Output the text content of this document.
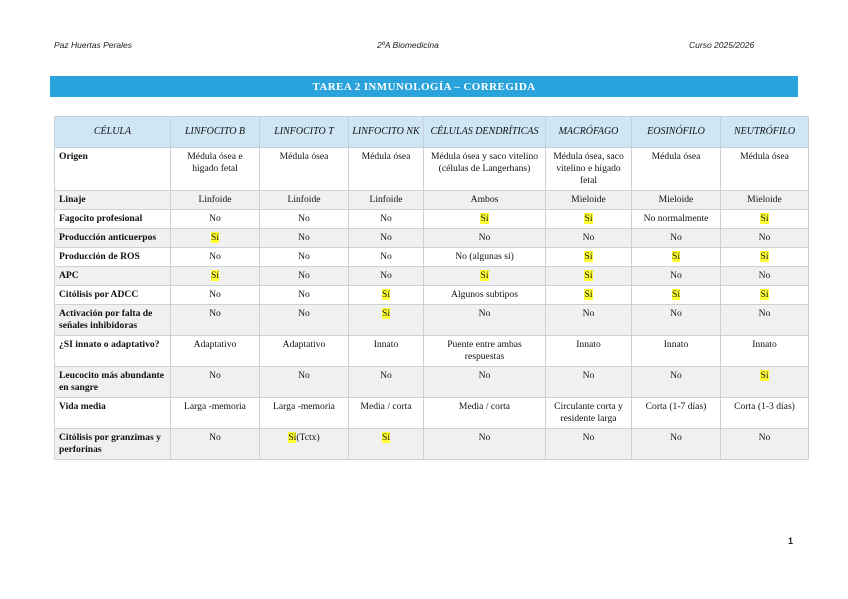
Paz Huertas Perales	2ºA Biomedicina	Curso 2025/2026
TAREA 2 INMUNOLOGÍA – CORREGIDA
CÉLULA	LINFOCITO B	LINFOCITO T	LINFOCITO NK	CÉLULAS DENDRÍTICAS	MACRÓFAGO	EOSINÓFILO	NEUTRÓFILO
Origen	Médula ósea e hígado fetal	Médula ósea	Médula ósea	Médula ósea y saco vitelino (células de Langerhans)	Médula ósea, saco vitelino e hígado fetal	Médula ósea	Médula ósea
Linaje	Linfoide	Linfoide	Linfoide	Ambos	Mieloide	Mieloide	Mieloide
Fagocito profesional	No	No	No	Sí	Sí	No normalmente	Sí
Producción anticuerpos	Sí	No	No	No	No	No	No
Producción de ROS	No	No	No	No (algunas sí)	Sí	Sí	Sí
APC	Sí	No	No	Sí	Sí	No	No
Citólisis por ADCC	No	No	Sí	Algunos subtipos	Sí	Sí	Sí
Activación por falta de señales inhibidoras	No	No	Sí	No	No	No	No
¿SI innato o adaptativo?	Adaptativo	Adaptativo	Innato	Puente entre ambas respuestas	Innato	Innato	Innato
Leucocito más abundante en sangre	No	No	No	No	No	No	Sí
Vida media	Larga -memoria	Larga -memoria	Media / corta	Media / corta	Circulante corta y residente larga	Corta (1-7 días)	Corta (1-3 días)
Citólisis por granzimas y perforinas	No	Sí(Tctx)	Sí	No	No	No	No
1
